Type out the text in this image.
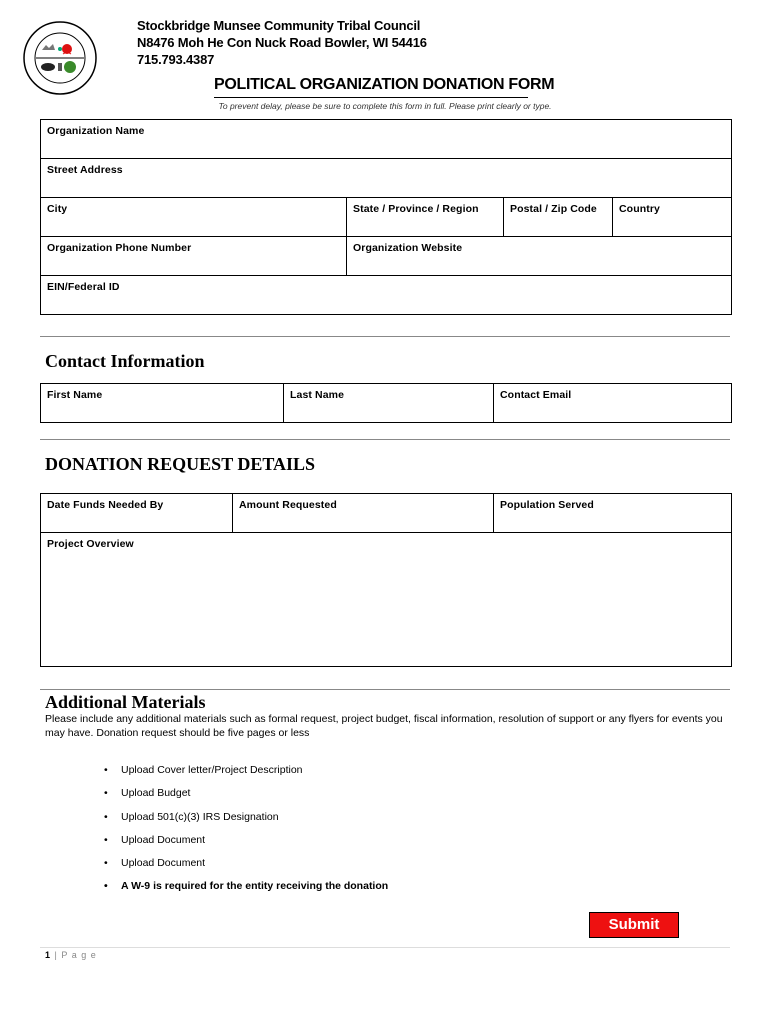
Stockbridge Munsee Community Tribal Council
N8476 Moh He Con Nuck Road Bowler, WI 54416
715.793.4387
POLITICAL ORGANIZATION DONATION FORM
To prevent delay, please be sure to complete this form in full. Please print clearly or type.
Organization Name			
Street Address			
City	State / Province / Region	Postal / Zip Code	Country
Organization Phone Number	Organization Website		
EIN/Federal ID			
Contact Information
First Name	Last Name	Contact Email
DONATION REQUEST DETAILS
Date Funds Needed By	Amount Requested	Population Served
Project Overview
Additional Materials
Please include any additional materials such as formal request, project budget, fiscal information, resolution of support or any flyers for events you may have. Donation request should be five pages or less
• Upload Cover letter/Project Description
• Upload Budget
• Upload 501(c)(3) IRS Designation
• Upload Document
• Upload Document
• A W-9 is required for the entity receiving the donation
Submit
1 | P a g e
